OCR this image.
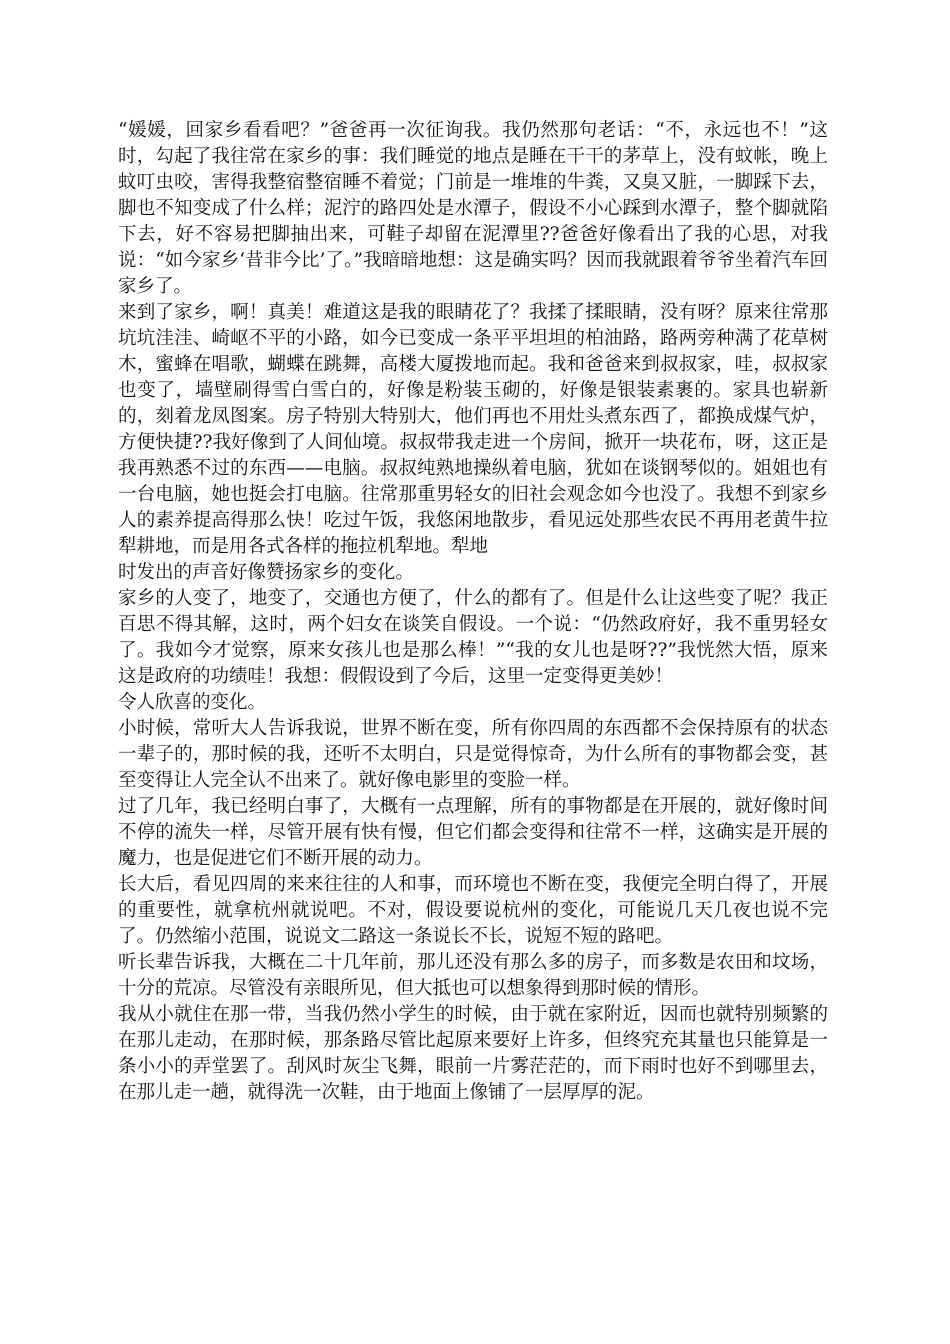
“媛媛，回家乡看看吧？”爸爸再一次征询我。我仍然那句老话：“不，永远也不！”这时，勾起了我往常在家乡的事：我们睡觉的地点是睡在干干的茅草上，没有蚊帐，晚上蚊叮虫咬，害得我整宿整宿睡不着觉；门前是一堆堆的牛粪，又臭又脏，一脚踩下去，脚也不知变成了什么样；泥泞的路四处是水潭子，假设不小心踩到水潭子，整个脚就陷下去，好不容易把脚抽出来，可鞋子却留在泥潭里??爸爸好像看出了我的心思，对我说：“如今家乡‘昔非今比’了。”我暗暗地想：这是确实吗？因而我就跟着爷爷坐着汽车回家乡了。

来到了家乡，啊！真美！难道这是我的眼睛花了？我揉了揉眼睛，没有呀？原来往常那坑坑洼洼、崎岖不平的小路，如今已变成一条平平坦坦的柏油路，路两旁种满了花草树木，蜜蜂在唱歌，蝴蝶在跳舞，高楼大厦拨地而起。我和爸爸来到叔叔家，哇，叔叔家也变了，墙壁刷得雪白雪白的，好像是粉装玉砌的，好像是银装素裹的。家具也崭新的，刻着龙凤图案。房子特别大特别大，他们再也不用灶头煮东西了，都换成煤气炉，方便快捷??我好像到了人间仙境。叔叔带我走进一个房间，掀开一块花布，呀，这正是我再熟悉不过的东西——电脑。叔叔纯熟地操纵着电脑，犹如在谈钢琴似的。姐姐也有一台电脑，她也挺会打电脑。往常那重男轻女的旧社会观念如今也没了。我想不到家乡人的素养提高得那么快！吃过午饭，我悠闲地散步，看见远处那些农民不再用老黄牛拉犁耕地，而是用各式各样的拖拉机犁地。犁地

时发出的声音好像赞扬家乡的变化。

家乡的人变了，地变了，交通也方便了，什么的都有了。但是什么让这些变了呢？我正百思不得其解，这时，两个妇女在谈笑自假设。一个说：“仍然政府好，我不重男轻女了。我如今才觉察，原来女孩儿也是那么棒！”“我的女儿也是呀??”我恍然大悟，原来这是政府的功绩哇！我想：假假设到了今后，这里一定变得更美妙！

令人欣喜的变化。

小时候，常听大人告诉我说，世界不断在变，所有你四周的东西都不会保持原有的状态一辈子的，那时候的我，还听不太明白，只是觉得惊奇，为什么所有的事物都会变，甚至变得让人完全认不出来了。就好像电影里的变脸一样。

过了几年，我已经明白事了，大概有一点理解，所有的事物都是在开展的，就好像时间不停的流失一样，尽管开展有快有慢，但它们都会变得和往常不一样，这确实是开展的魔力，也是促进它们不断开展的动力。

长大后，看见四周的来来往往的人和事，而环境也不断在变，我便完全明白得了，开展的重要性，就拿杭州就说吧。不对，假设要说杭州的变化，可能说几天几夜也说不完了。仍然缩小范围，说说文二路这一条说长不长，说短不短的路吧。

听长辈告诉我，大概在二十几年前，那儿还没有那么多的房子，而多数是农田和坟场，十分的荒凉。尽管没有亲眼所见，但大抵也可以想象得到那时候的情形。

我从小就住在那一带，当我仍然小学生的时候，由于就在家附近，因而也就特别频繁的在那儿走动，在那时候，那条路尽管比起原来要好上许多，但终究充其量也只能算是一条小小的弄堂罢了。刮风时灰尘飞舞，眼前一片雾茫茫的，而下雨时也好不到哪里去，在那儿走一趟，就得洗一次鞋，由于地面上像铺了一层厚厚的泥。
